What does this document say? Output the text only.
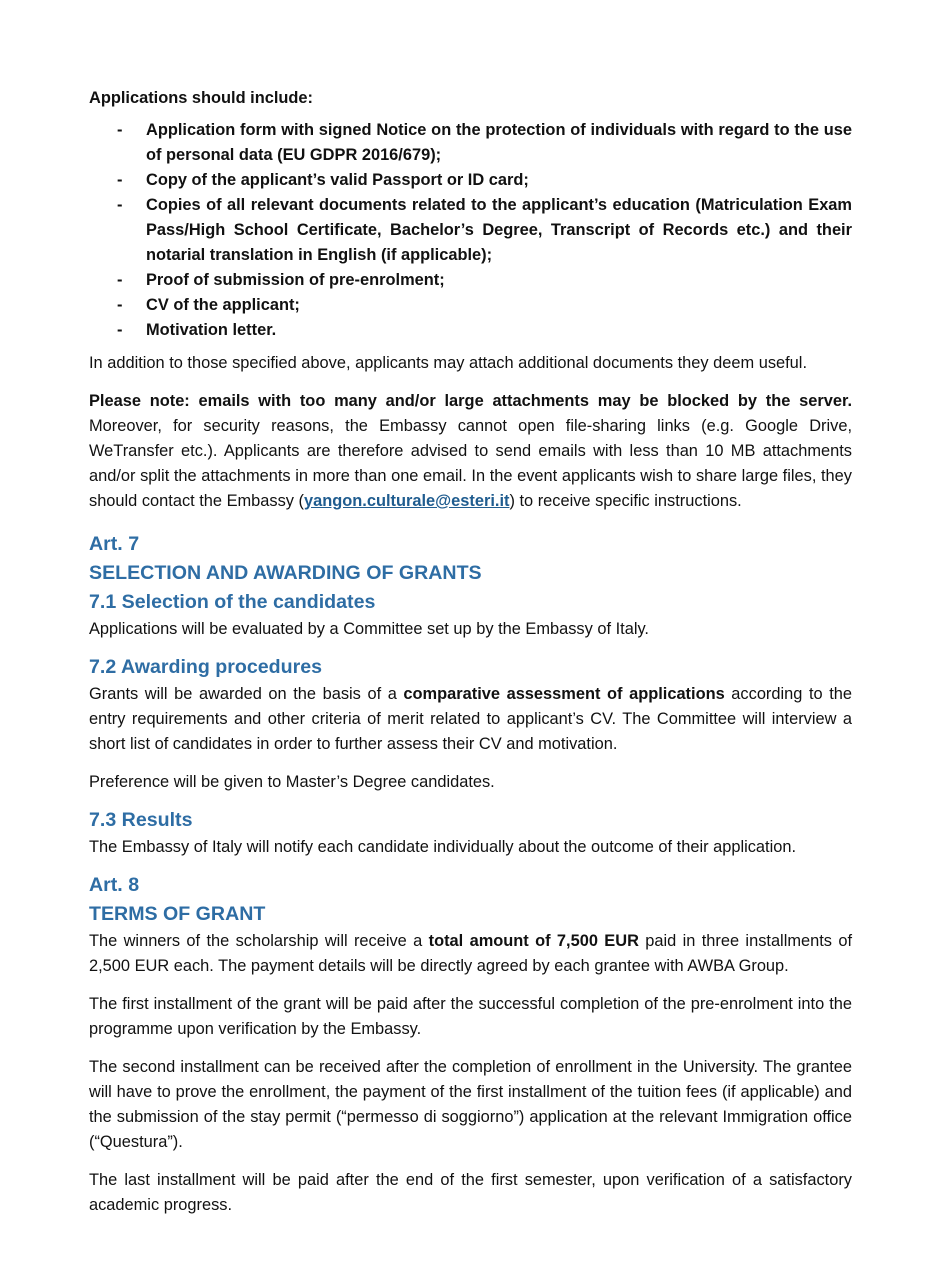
Applications should include:

- Application form with signed Notice on the protection of individuals with regard to the use of personal data (EU GDPR 2016/679);
- Copy of the applicant’s valid Passport or ID card;
- Copies of all relevant documents related to the applicant’s education (Matriculation Exam Pass/High School Certificate, Bachelor’s Degree, Transcript of Records etc.) and their notarial translation in English (if applicable);
- Proof of submission of pre-enrolment;
- CV of the applicant;
- Motivation letter.

In addition to those specified above, applicants may attach additional documents they deem useful.

Please note: emails with too many and/or large attachments may be blocked by the server. Moreover, for security reasons, the Embassy cannot open file-sharing links (e.g. Google Drive, WeTransfer etc.). Applicants are therefore advised to send emails with less than 10 MB attachments and/or split the attachments in more than one email. In the event applicants wish to share large files, they should contact the Embassy (yangon.culturale@esteri.it) to receive specific instructions.

Art. 7
SELECTION AND AWARDING OF GRANTS
7.1 Selection of the candidates

Applications will be evaluated by a Committee set up by the Embassy of Italy.

7.2 Awarding procedures

Grants will be awarded on the basis of a comparative assessment of applications according to the entry requirements and other criteria of merit related to applicant’s CV. The Committee will interview a short list of candidates in order to further assess their CV and motivation.

Preference will be given to Master’s Degree candidates.

7.3 Results

The Embassy of Italy will notify each candidate individually about the outcome of their application.

Art. 8
TERMS OF GRANT

The winners of the scholarship will receive a total amount of 7,500 EUR paid in three installments of 2,500 EUR each. The payment details will be directly agreed by each grantee with AWBA Group.

The first installment of the grant will be paid after the successful completion of the pre-enrolment into the programme upon verification by the Embassy.

The second installment can be received after the completion of enrollment in the University. The grantee will have to prove the enrollment, the payment of the first installment of the tuition fees (if applicable) and the submission of the stay permit (“permesso di soggiorno”) application at the relevant Immigration office (“Questura”).

The last installment will be paid after the end of the first semester, upon verification of a satisfactory academic progress.
